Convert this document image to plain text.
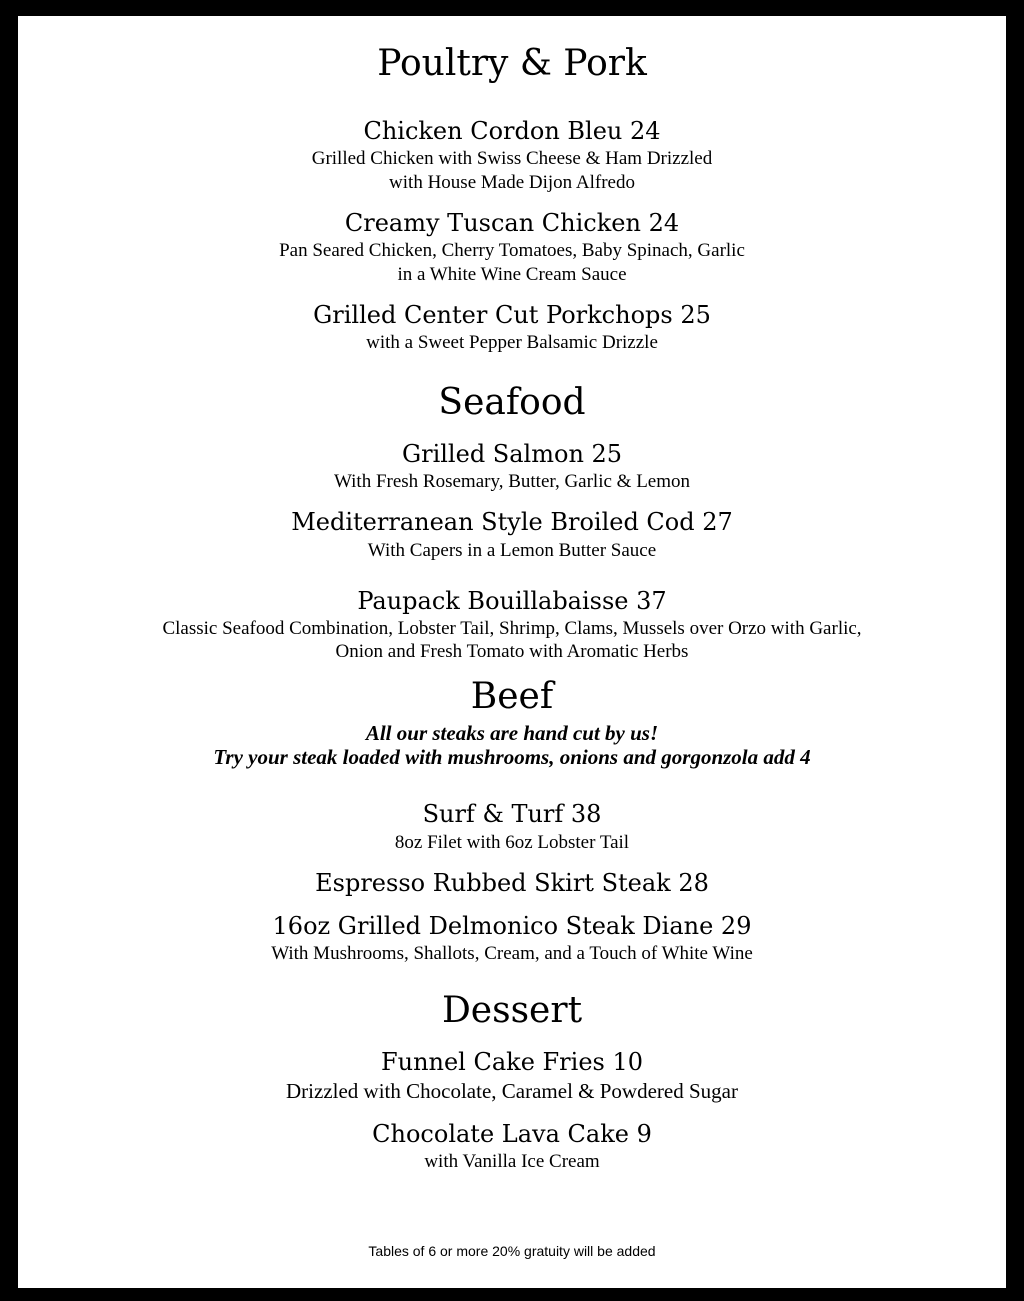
Poultry & Pork
Chicken Cordon Bleu 24
Grilled Chicken with Swiss Cheese & Ham Drizzled
with House Made Dijon Alfredo
Creamy Tuscan Chicken 24
Pan Seared Chicken, Cherry Tomatoes, Baby Spinach, Garlic
in a White Wine Cream Sauce
Grilled Center Cut Porkchops 25
with a Sweet Pepper Balsamic Drizzle
Seafood
Grilled Salmon 25
With Fresh Rosemary, Butter, Garlic & Lemon
Mediterranean Style Broiled Cod 27
With Capers in a Lemon Butter Sauce
Paupack Bouillabaisse 37
Classic Seafood Combination, Lobster Tail, Shrimp, Clams, Mussels over Orzo with Garlic,
Onion and Fresh Tomato with Aromatic Herbs
Beef
All our steaks are hand cut by us!
Try your steak loaded with mushrooms, onions and gorgonzola add 4
Surf & Turf 38
8oz Filet with 6oz Lobster Tail
Espresso Rubbed Skirt Steak 28
16oz Grilled Delmonico Steak Diane 29
With Mushrooms, Shallots, Cream, and a Touch of White Wine
Dessert
Funnel Cake Fries 10
Drizzled with Chocolate, Caramel & Powdered Sugar
Chocolate Lava Cake 9
with Vanilla Ice Cream
Tables of 6 or more 20% gratuity will be added
